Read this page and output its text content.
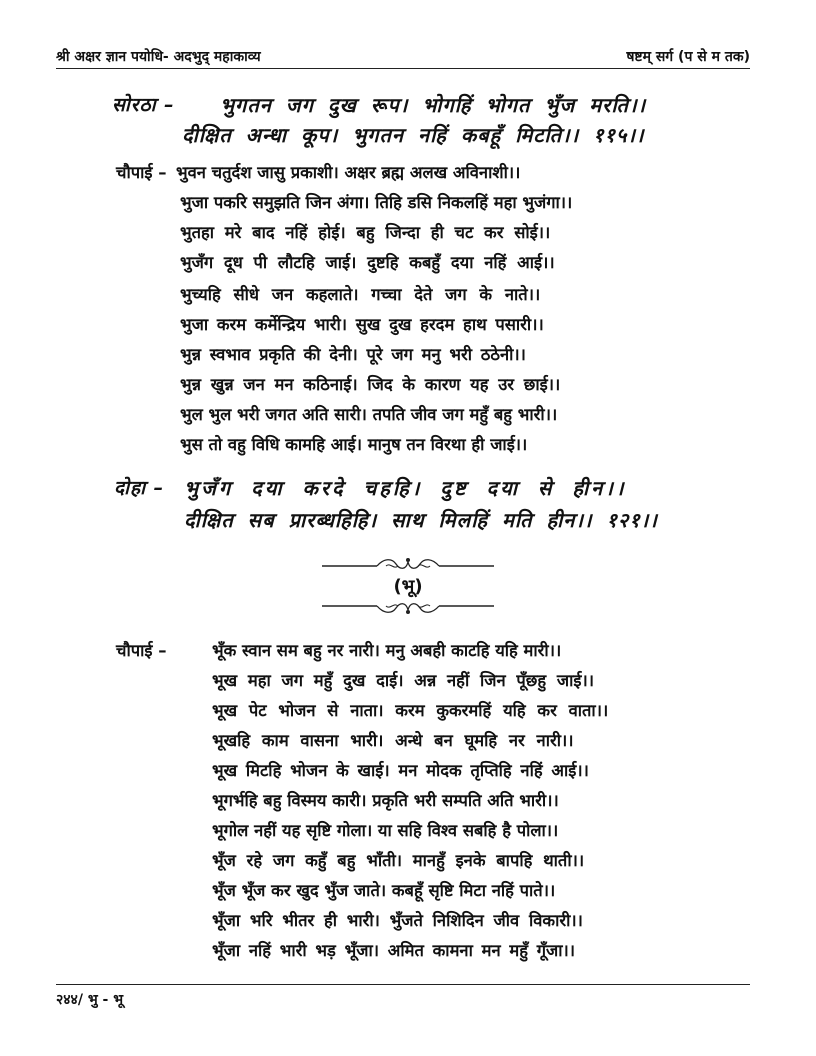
श्री अक्षर ज्ञान पयोधि- अदभुद् महाकाव्य	षष्टम् सर्ग (प से म तक)
सोरठा – भुगतन जग दुख रूप। भोगहिं भोगत भुँज मरति।।
दीक्षित अन्धा कूप। भुगतन नहिं कबहूँ मिटति।। ११५।।
चौपाई – भुवन चतुर्दश जासु प्रकाशी। अक्षर ब्रह्म अलख अविनाशी।।
भुजा पकरि समुझति जिन अंगा। तिहि डसि निकलहिं महा भुजंगा।।
भुतहा मरे बाद नहिं होई। बहु जिन्दा ही चट कर सोई।।
भुजँग दूध पी लौटहि जाई। दुष्टहि कबहुँ दया नहिं आई।।
भुच्यहि सीधे जन कहलाते। गच्चा देते जग के नाते।।
भुजा करम कर्मेन्द्रिय भारी। सुख दुख हरदम हाथ पसारी।।
भुन्न स्वभाव प्रकृति की देनी। पूरे जग मनु भरी ठठेनी।।
भुन्न खुन्न जन मन कठिनाई। जिद के कारण यह उर छाई।।
भुल भुल भरी जगत अति सारी। तपति जीव जग महुँ बहु भारी।।
भुस तो वहु विधि कामहि आई। मानुष तन विरथा ही जाई।।
दोहा – भुजँग दया करदे चहहि। दुष्ट दया से हीन।।
दीक्षित सब प्रारब्धहिहि। साथ मिलहिं मति हीन।। १२१।।
(भू)
चौपाई –	भूँक स्वान सम बहु नर नारी। मनु अबही काटहि यहि मारी।।
भूख महा जग महुँ दुख दाई। अन्न नहीं जिन पूँछहु जाई।।
भूख पेट भोजन से नाता। करम कुकरमहिं यहि कर वाता।।
भूखहि काम वासना भारी। अन्धे बन घूमहि नर नारी।।
भूख मिटहि भोजन के खाई। मन मोदक तृप्तिहि नहिं आई।।
भूगर्भहि बहु विस्मय कारी। प्रकृति भरी सम्पति अति भारी।।
भूगोल नहीं यह सृष्टि गोला। या सहि विश्व सबहि है पोला।।
भूँज रहे जग कहुँ बहु भाँती। मानहुँ इनके बापहि थाती।।
भूँज भूँज कर खुद भुँज जाते। कबहूँ सृष्टि मिटा नहिं पाते।।
भूँजा भरि भीतर ही भारी। भुँजते निशिदिन जीव विकारी।।
भूँजा नहिं भारी भड़ भूँजा। अमित कामना मन महुँ गूँजा।।
२४४/ भु - भू
